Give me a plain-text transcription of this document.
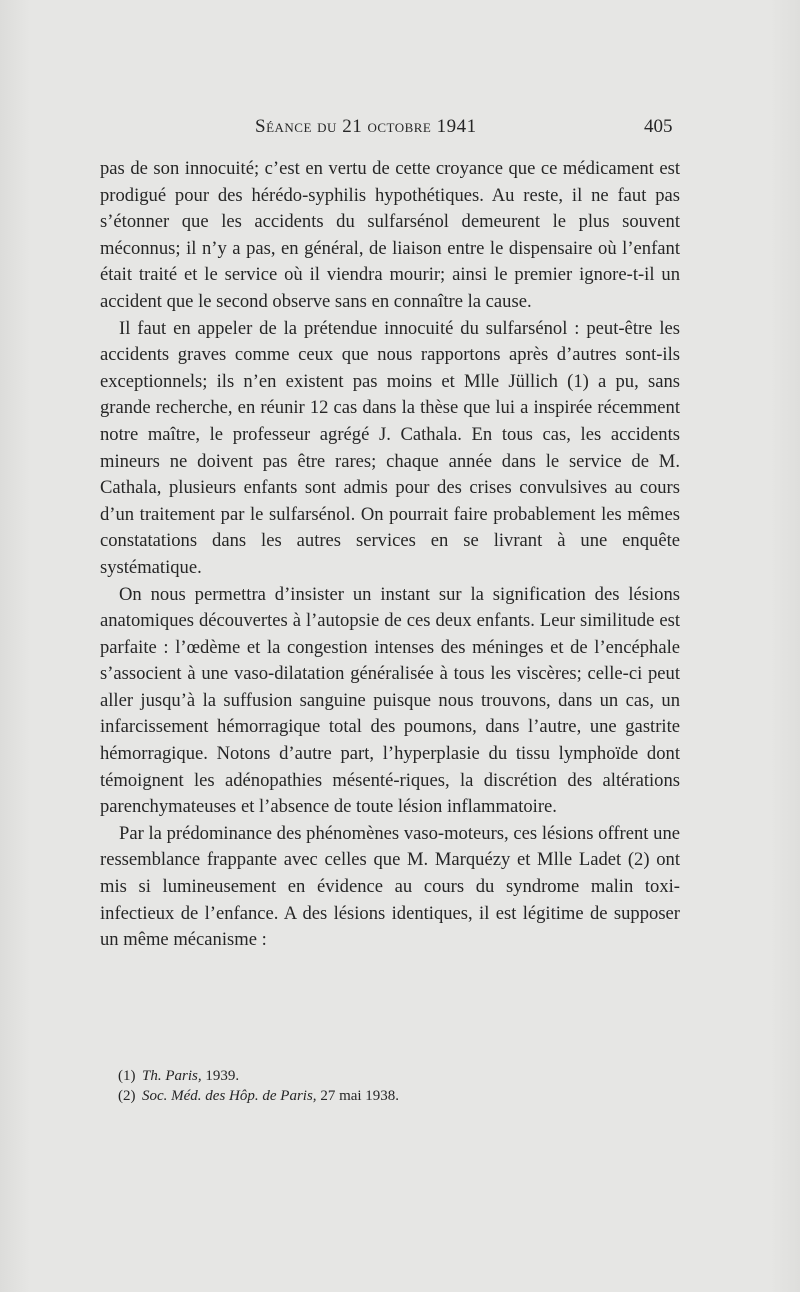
Séance du 21 octobre 1941	405

pas de son innocuité; c’est en vertu de cette croyance que ce médicament est prodigué pour des hérédo-syphilis hypothétiques. Au reste, il ne faut pas s’étonner que les accidents du sulfarsénol demeurent le plus souvent méconnus; il n’y a pas, en général, de liaison entre le dispensaire où l’enfant était traité et le service où il viendra mourir; ainsi le premier ignore-t-il un accident que le second observe sans en connaître la cause.

Il faut en appeler de la prétendue innocuité du sulfarsénol : peut-être les accidents graves comme ceux que nous rapportons après d’autres sont-ils exceptionnels; ils n’en existent pas moins et Mlle Jüllich (1) a pu, sans grande recherche, en réunir 12 cas dans la thèse que lui a inspirée récemment notre maître, le professeur agrégé J. Cathala. En tous cas, les accidents mineurs ne doivent pas être rares; chaque année dans le service de M. Cathala, plusieurs enfants sont admis pour des crises convulsives au cours d’un traitement par le sulfarsénol. On pourrait faire probablement les mêmes constatations dans les autres services en se livrant à une enquête systématique.

On nous permettra d’insister un instant sur la signification des lésions anatomiques découvertes à l’autopsie de ces deux enfants. Leur similitude est parfaite : l’œdème et la congestion intenses des méninges et de l’encéphale s’associent à une vaso-dilatation généralisée à tous les viscères; celle-ci peut aller jusqu’à la suffusion sanguine puisque nous trouvons, dans un cas, un infarcissement hémorragique total des poumons, dans l’autre, une gastrite hémorragique. Notons d’autre part, l’hyperplasie du tissu lymphoïde dont témoignent les adénopathies mésenté-riques, la discrétion des altérations parenchymateuses et l’absence de toute lésion inflammatoire.

Par la prédominance des phénomènes vaso-moteurs, ces lésions offrent une ressemblance frappante avec celles que M. Marquézy et Mlle Ladet (2) ont mis si lumineusement en évidence au cours du syndrome malin toxi-infectieux de l’enfance. A des lésions identiques, il est légitime de supposer un même mécanisme :

(1) Th. Paris, 1939.
(2) Soc. Méd. des Hôp. de Paris, 27 mai 1938.
